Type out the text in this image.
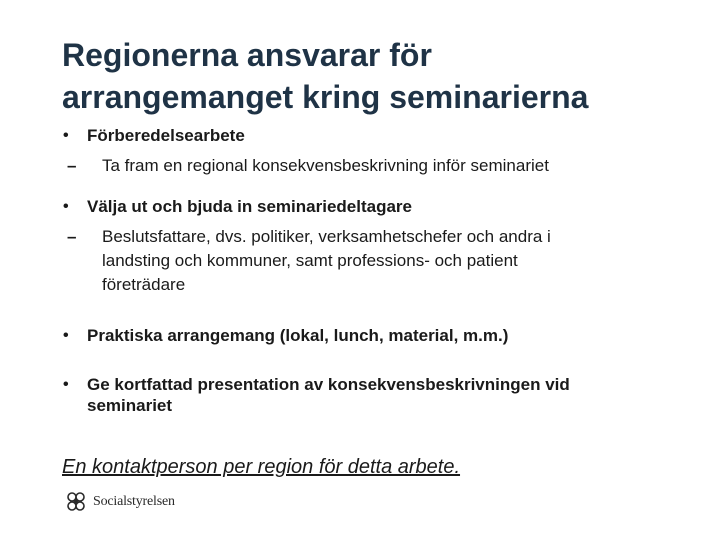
Regionerna ansvarar för
arrangemanget kring seminarierna

• Förberedelsearbete

– Ta fram en regional konsekvensbeskrivning inför seminariet

• Välja ut och bjuda in seminariedeltagare

– Beslutsfattare, dvs. politiker, verksamhetschefer och andra i
landsting och kommuner, samt professions- och patient
företrädare

• Praktiska arrangemang (lokal, lunch, material, m.m.)

• Ge kortfattad presentation av konsekvensbeskrivningen vid
seminariet

En kontaktperson per region för detta arbete.

Socialstyrelsen
